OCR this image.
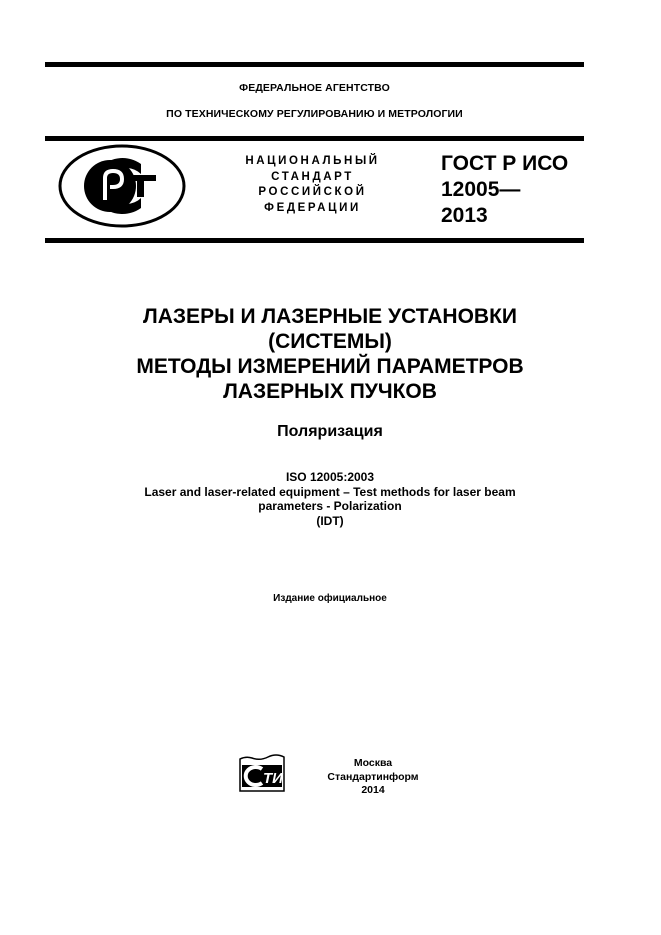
ФЕДЕРАЛЬНОЕ АГЕНТСТВО
ПО ТЕХНИЧЕСКОМУ РЕГУЛИРОВАНИЮ И МЕТРОЛОГИИ
НАЦИОНАЛЬНЫЙ
СТАНДАРТ
РОССИЙСКОЙ
ФЕДЕРАЦИИ
ГОСТ Р ИСО
12005—
2013
ЛАЗЕРЫ И ЛАЗЕРНЫЕ УСТАНОВКИ
(СИСТЕМЫ)
МЕТОДЫ ИЗМЕРЕНИЙ ПАРАМЕТРОВ
ЛАЗЕРНЫХ ПУЧКОВ
Поляризация
ISO 12005:2003
Laser and laser-related equipment – Test methods for laser beam
parameters - Polarization
(IDT)
Издание официальное
ТИ
Москва
Стандартинформ
2014
